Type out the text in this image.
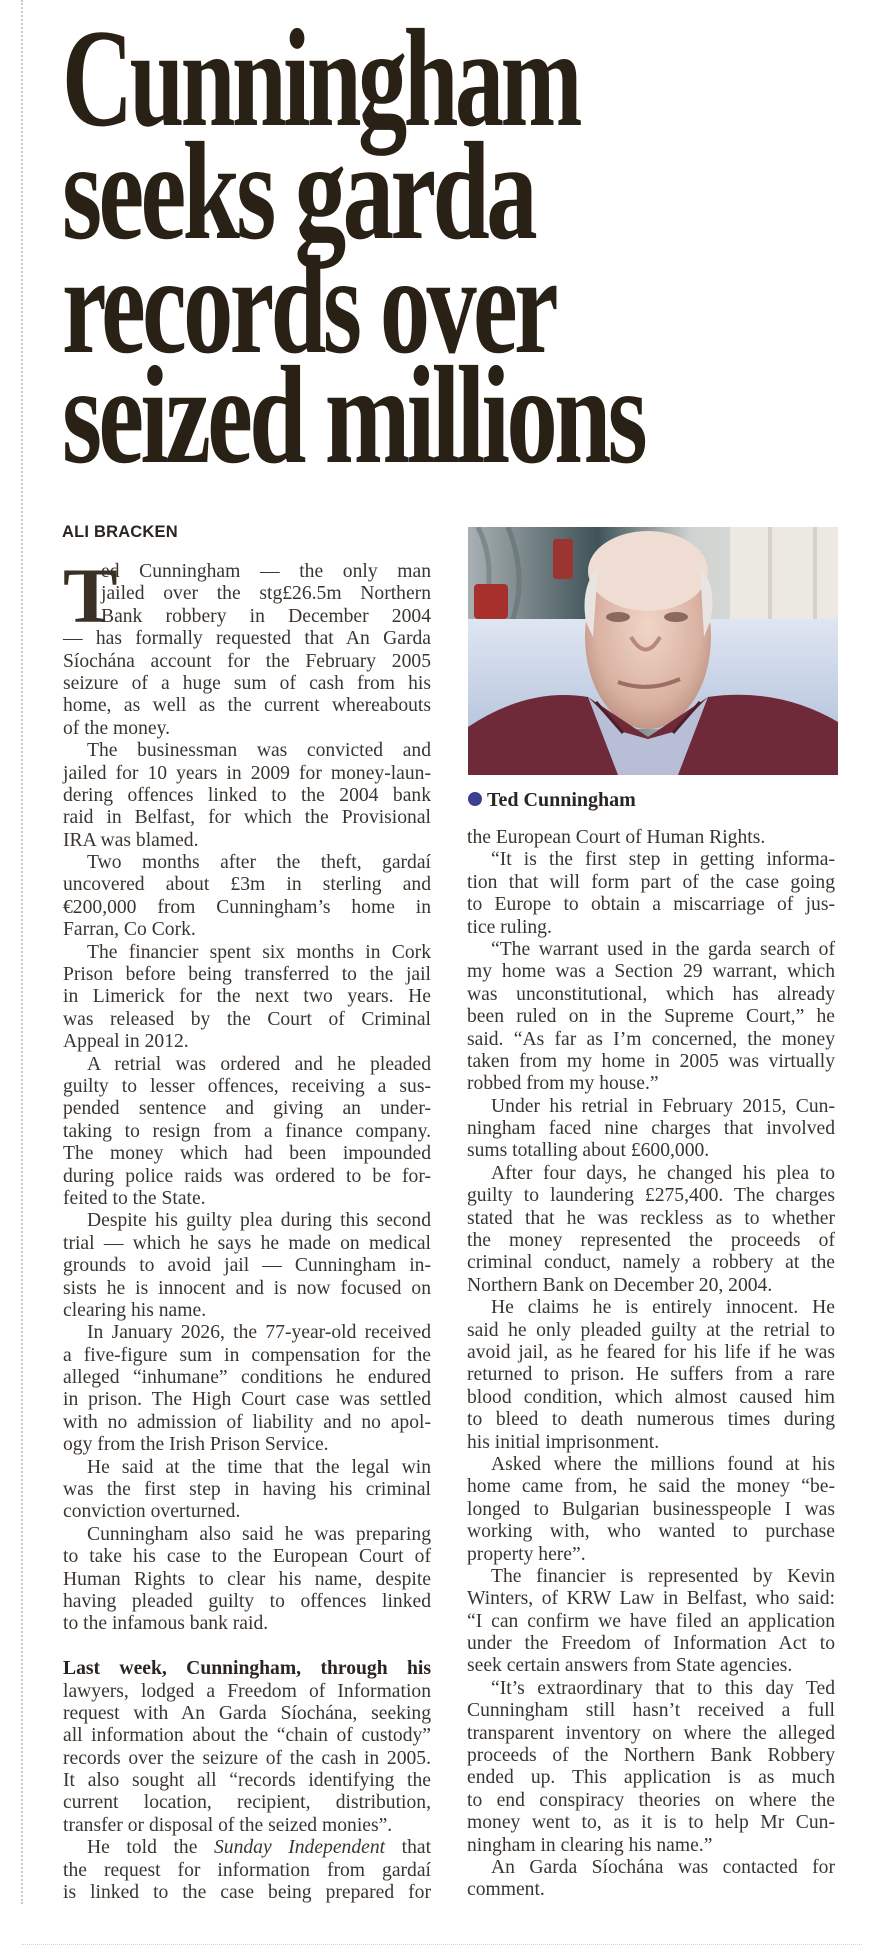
Cunningham
seeks garda
records over
seized millions
ALI BRACKEN
Ted Cunningham
T
ed Cunningham — the only man
jailed over the stg£26.5m Northern
Bank robbery in December 2004
— has formally requested that An Garda
Síochána account for the February 2005
seizure of a huge sum of cash from his
home, as well as the current whereabouts
of the money.
The businessman was convicted and
jailed for 10 years in 2009 for money-laun-
dering offences linked to the 2004 bank
raid in Belfast, for which the Provisional
IRA was blamed.
Two months after the theft, gardaí
uncovered about £3m in sterling and
€200,000 from Cunningham’s home in
Farran, Co Cork.
The financier spent six months in Cork
Prison before being transferred to the jail
in Limerick for the next two years. He
was released by the Court of Criminal
Appeal in 2012.
A retrial was ordered and he pleaded
guilty to lesser offences, receiving a sus-
pended sentence and giving an under-
taking to resign from a finance company.
The money which had been impounded
during police raids was ordered to be for-
feited to the State.
Despite his guilty plea during this second
trial — which he says he made on medical
grounds to avoid jail — Cunningham in-
sists he is innocent and is now focused on
clearing his name.
In January 2026, the 77-year-old received
a five-figure sum in compensation for the
alleged “inhumane” conditions he endured
in prison. The High Court case was settled
with no admission of liability and no apol-
ogy from the Irish Prison Service.
He said at the time that the legal win
was the first step in having his criminal
conviction overturned.
Cunningham also said he was preparing
to take his case to the European Court of
Human Rights to clear his name, despite
having pleaded guilty to offences linked
to the infamous bank raid.
Last week, Cunningham, through his
lawyers, lodged a Freedom of Information
request with An Garda Síochána, seeking
all information about the “chain of custody”
records over the seizure of the cash in 2005.
It also sought all “records identifying the
current location, recipient, distribution,
transfer or disposal of the seized monies”.
He told the Sunday Independent that
the request for information from gardaí
is linked to the case being prepared for
the European Court of Human Rights.
“It is the first step in getting informa-
tion that will form part of the case going
to Europe to obtain a miscarriage of jus-
tice ruling.
“The warrant used in the garda search of
my home was a Section 29 warrant, which
was unconstitutional, which has already
been ruled on in the Supreme Court,” he
said. “As far as I’m concerned, the money
taken from my home in 2005 was virtually
robbed from my house.”
Under his retrial in February 2015, Cun-
ningham faced nine charges that involved
sums totalling about £600,000.
After four days, he changed his plea to
guilty to laundering £275,400. The charges
stated that he was reckless as to whether
the money represented the proceeds of
criminal conduct, namely a robbery at the
Northern Bank on December 20, 2004.
He claims he is entirely innocent. He
said he only pleaded guilty at the retrial to
avoid jail, as he feared for his life if he was
returned to prison. He suffers from a rare
blood condition, which almost caused him
to bleed to death numerous times during
his initial imprisonment.
Asked where the millions found at his
home came from, he said the money “be-
longed to Bulgarian businesspeople I was
working with, who wanted to purchase
property here”.
The financier is represented by Kevin
Winters, of KRW Law in Belfast, who said:
“I can confirm we have filed an application
under the Freedom of Information Act to
seek certain answers from State agencies.
“It’s extraordinary that to this day Ted
Cunningham still hasn’t received a full
transparent inventory on where the alleged
proceeds of the Northern Bank Robbery
ended up. This application is as much
to end conspiracy theories on where the
money went to, as it is to help Mr Cun-
ningham in clearing his name.”
An Garda Síochána was contacted for
comment.
